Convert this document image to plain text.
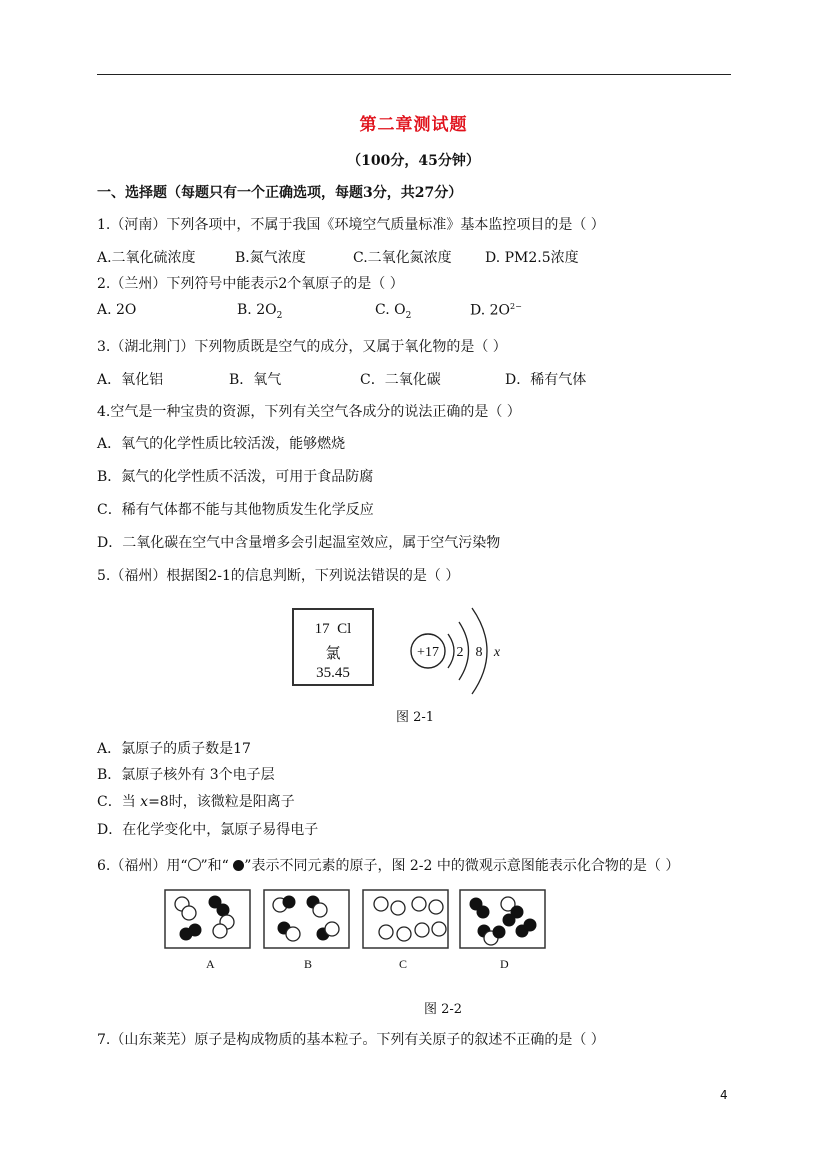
第二章测试题
（100分，45分钟）
一、选择题（每题只有一个正确选项，每题3分，共27分）
1.（河南）下列各项中，不属于我国《环境空气质量标准》基本监控项目的是（ ）
A.二氧化硫浓度	B.氮气浓度	C.二氧化氮浓度 D. PM2.5浓度
2.（兰州）下列符号中能表示2个氧原子的是（ ）
A. 2O	B. $2O_2$	C. $O_2$	D. $2O^{2-}$
3.（湖北荆门）下列物质既是空气的成分，又属于氧化物的是（ ）
A．氧化铝	B．氧气	C．二氧化碳	D．稀有气体
4.空气是一种宝贵的资源，下列有关空气各成分的说法正确的是（ ）
A．氧气的化学性质比较活泼，能够燃烧
B．氮气的化学性质不活泼，可用于食品防腐
C．稀有气体都不能与其他物质发生化学反应
D．二氧化碳在空气中含量增多会引起温室效应，属于空气污染物
5.（福州）根据图2-1的信息判断，下列说法错误的是（ ）
17 Cl
氯
35.45
+17 2 8 x
图 2-1
A．氯原子的质子数是17
B．氯原子核外有 3个电子层
C．当 x=8时，该微粒是阳离子
D．在化学变化中，氯原子易得电子
6.（福州）用“ ”和“ ”表示不同元素的原子，图 2-2 中的微观示意图能表示化合物的是（ ）
A	B	C	D
图 2-2
7.（山东莱芜）原子是构成物质的基本粒子。下列有关原子的叙述不正确的是（ ）
4
